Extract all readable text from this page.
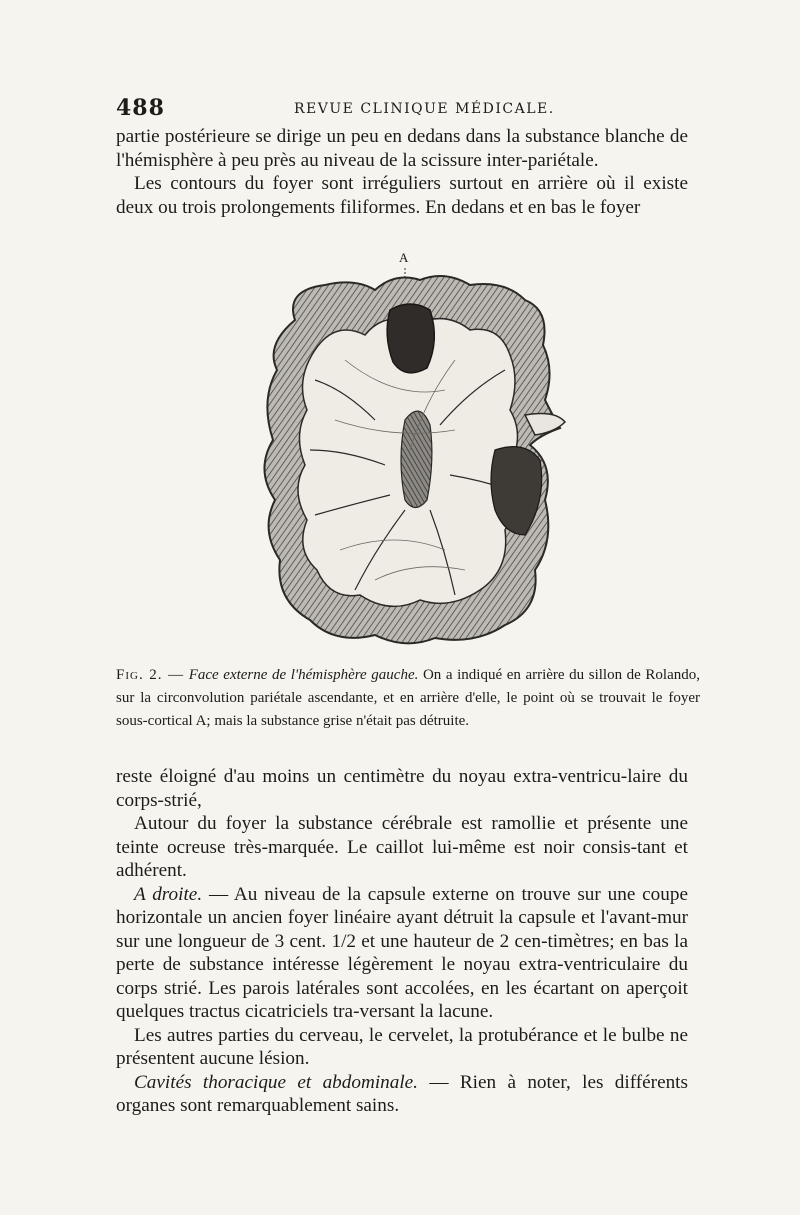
488	REVUE CLINIQUE MÉDICALE.

partie postérieure se dirige un peu en dedans dans la substance blanche de l'hémisphère à peu près au niveau de la scissure inter-pariétale.

Les contours du foyer sont irréguliers surtout en arrière où il existe deux ou trois prolongements filiformes. En dedans et en bas le foyer

A
Fig. 2. — Face externe de l'hémisphère gauche. On a indiqué en arrière du sillon de Rolando, sur la circonvolution pariétale ascendante, et en arrière d'elle, le point où se trouvait le foyer sous-cortical A; mais la substance grise n'était pas détruite.

reste éloigné d'au moins un centimètre du noyau extra-ventricu-laire du corps-strié,

Autour du foyer la substance cérébrale est ramollie et présente une teinte ocreuse très-marquée. Le caillot lui-même est noir consis-tant et adhérent.

A droite. — Au niveau de la capsule externe on trouve sur une coupe horizontale un ancien foyer linéaire ayant détruit la capsule et l'avant-mur sur une longueur de 3 cent. 1/2 et une hauteur de 2 cen-timètres; en bas la perte de substance intéresse légèrement le noyau extra-ventriculaire du corps strié. Les parois latérales sont accolées, en les écartant on aperçoit quelques tractus cicatriciels tra-versant la lacune.

Les autres parties du cerveau, le cervelet, la protubérance et le bulbe ne présentent aucune lésion.

Cavités thoracique et abdominale. — Rien à noter, les différents organes sont remarquablement sains.
